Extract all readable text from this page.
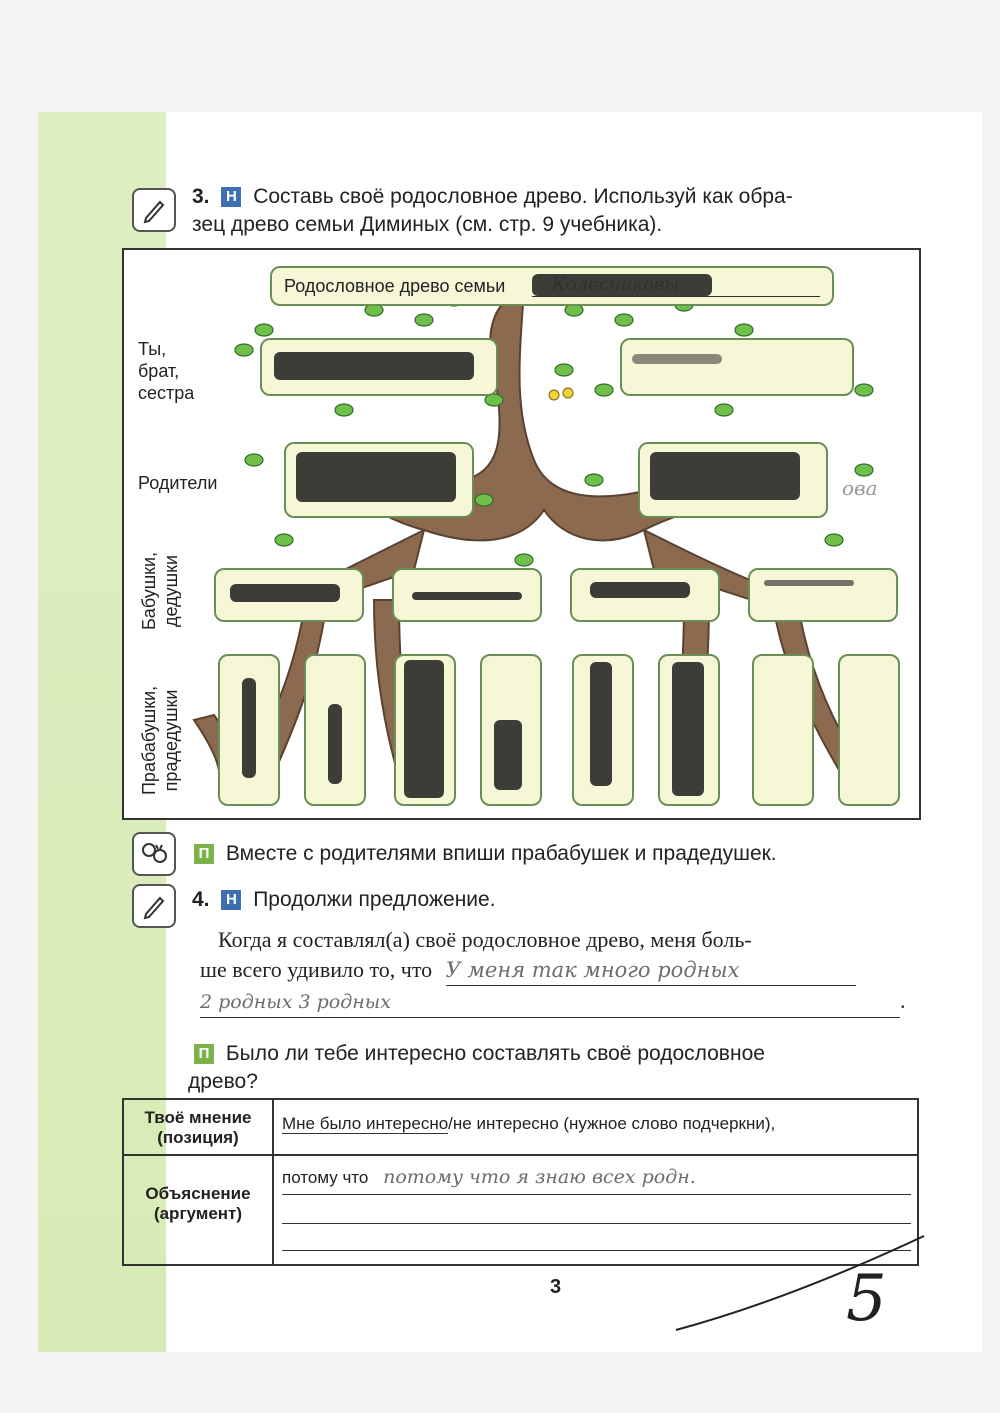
3. Н Составь своё родословное древо. Используй как обра-
зец древо семьи Диминых (см. стр. 9 учебника).
Ты,
брат,
сестра
Родители
Бабушки, дедушки
Прабабушки, прадедушки
Родословное древо семьи
ова
П Вместе с родителями впиши прабабушек и прадедушек.
4. Н Продолжи предложение.
Когда я составлял(а) своё родословное древо, меня боль-
ше всего удивило то, что У меня так много родных
2 родных 3 родных	.
П Было ли тебе интересно составлять своё родословное
древо?
Твоё мнение
(позиция)	Мне было интересно/не интересно (нужное слово подчеркни),

Объяснение
(аргумент)	потому что потому что я знаю всех родн.
3	5
